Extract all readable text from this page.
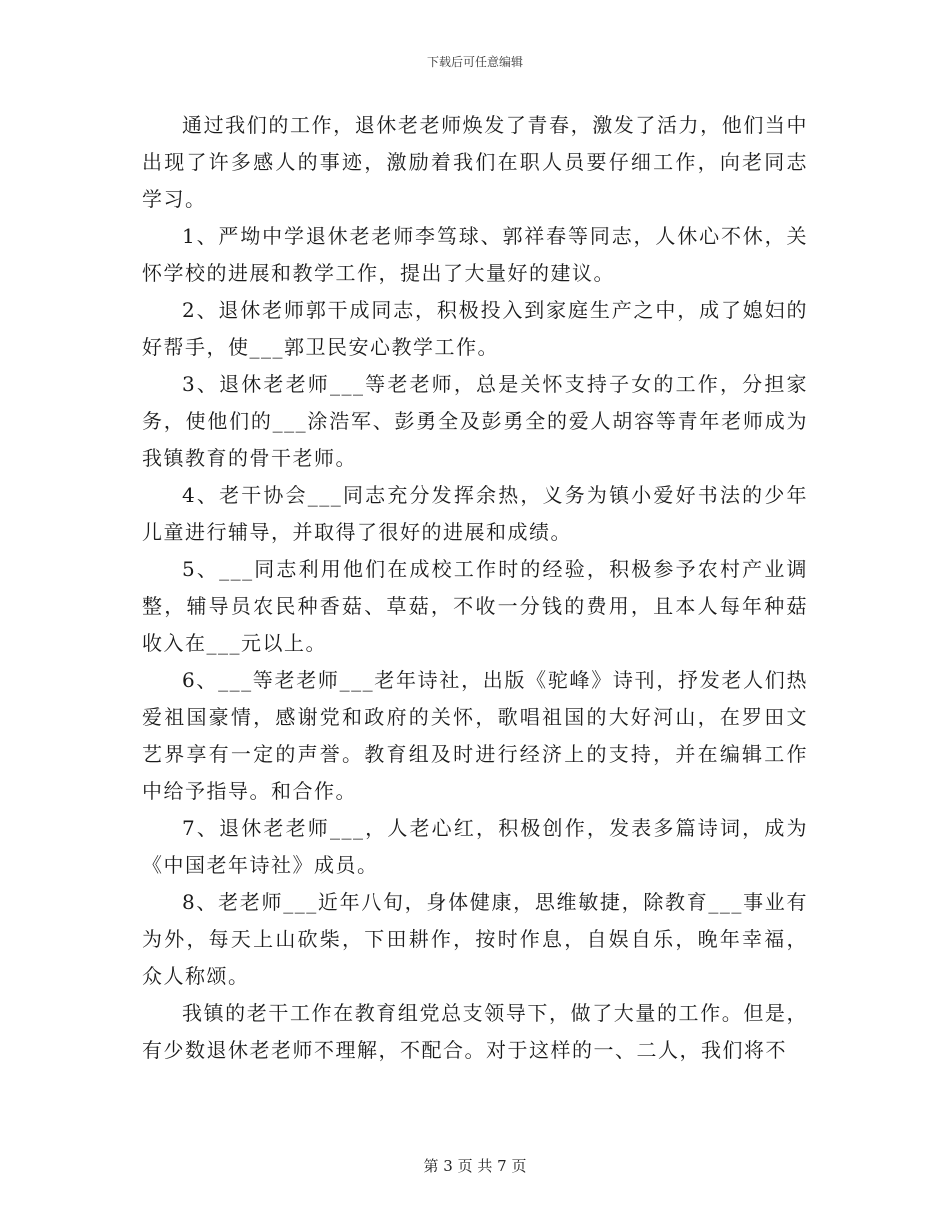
下载后可任意编辑

通过我们的工作，退休老老师焕发了青春，激发了活力，他们当中出现了许多感人的事迹，激励着我们在职人员要仔细工作，向老同志学习。

1、严坳中学退休老老师李笃球、郭祥春等同志，人休心不休，关怀学校的进展和教学工作，提出了大量好的建议。

2、退休老师郭干成同志，积极投入到家庭生产之中，成了媳妇的好帮手，使___郭卫民安心教学工作。

3、退休老老师___等老老师，总是关怀支持子女的工作，分担家务，使他们的___涂浩军、彭勇全及彭勇全的爱人胡容等青年老师成为我镇教育的骨干老师。

4、老干协会___同志充分发挥余热，义务为镇小爱好书法的少年儿童进行辅导，并取得了很好的进展和成绩。

5、___同志利用他们在成校工作时的经验，积极参予农村产业调整，辅导员农民种香菇、草菇，不收一分钱的费用，且本人每年种菇收入在___元以上。

6、___等老老师___老年诗社，出版《驼峰》诗刊，抒发老人们热爱祖国豪情，感谢党和政府的关怀，歌唱祖国的大好河山，在罗田文艺界享有一定的声誉。教育组及时进行经济上的支持，并在编辑工作中给予指导。和合作。

7、退休老老师___，人老心红，积极创作，发表多篇诗词，成为《中国老年诗社》成员。

8、老老师___近年八旬，身体健康，思维敏捷，除教育___事业有为外，每天上山砍柴，下田耕作，按时作息，自娱自乐，晚年幸福，众人称颂。

我镇的老干工作在教育组党总支领导下，做了大量的工作。但是，有少数退休老老师不理解，不配合。对于这样的一、二人，我们将不

第 3 页 共 7 页
